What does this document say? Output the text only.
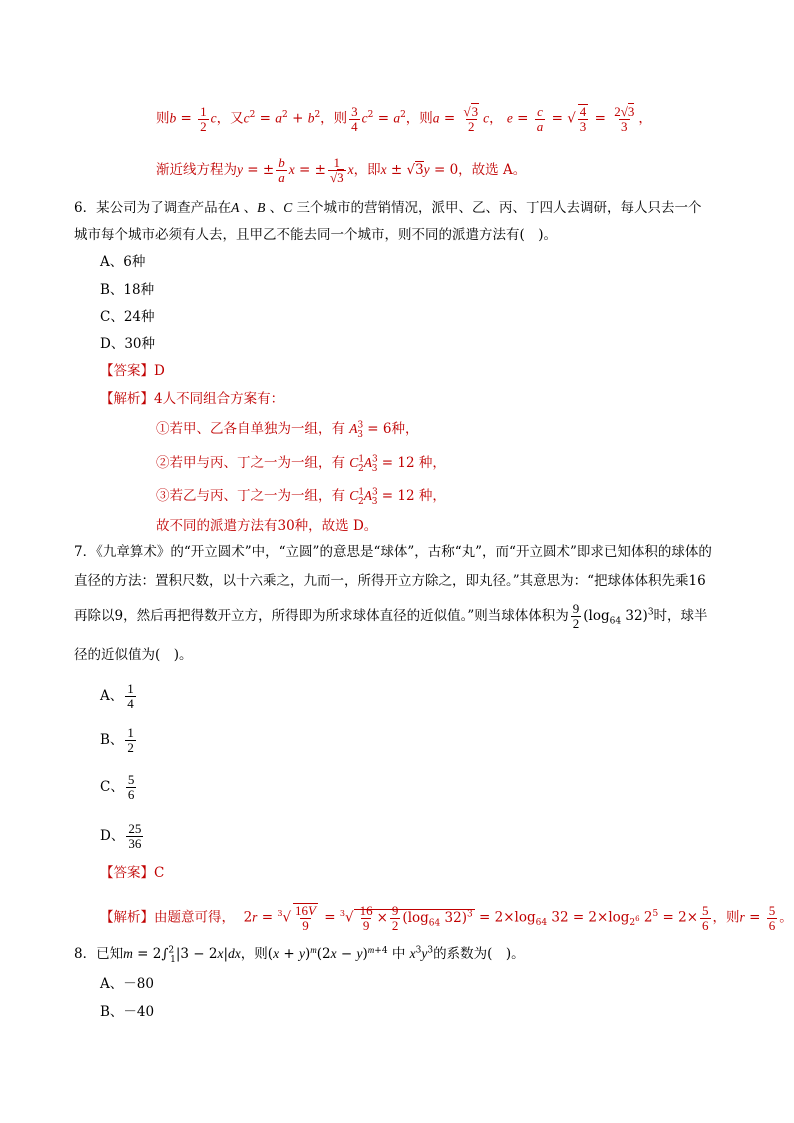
则$b = \frac{1}{2}$ c，又$c^2 = a^2 + b^2$，则 $\frac{3}{4} c^2 = a^2$，则$a = \frac{√3}{2}$ c， $e = \frac{c}{a}$ = √ $\frac{4}{3} = \frac{2√3}{3}$ ，
渐近线方程为y = ± $\frac{b}{a}$ x = ± $\frac{1}{√3}$ x，即x ± √3y = 0，故选 A。
6．某公司为了调查产品在A 、B 、C 三个城市的营销情况，派甲、乙、丙、丁四人去调研，每人只去一个
城市每个城市必须有人去，且甲乙不能去同一个城市，则不同的派遣方法有(　)。
A、6种
B、18种
C、24种
D、30种
【答案】D
【解析】4人不同组合方案有：
①若甲、乙各自单独为一组，有 $A^3_3 = 6$种，
②若甲与丙、丁之一为一组，有 $C^1_2A^3_3 = 12$ 种，
③若乙与丙、丁之一为一组，有 $C^1_2A^3_3 = 12$ 种，
故不同的派遣方法有30种，故选 D。
7．《九章算术》的“开立圆术”中，“立圆”的意思是“球体”，古称“丸”，而“开立圆术”即求已知体积的球体的
直径的方法：置积尺数，以十六乘之，九而一，所得开立方除之，即丸径。”其意思为：“把球体体积先乘16
再除以9，然后再把得数开立方，所得即为所求球体直径的近似值。”则当球体体积为 $\frac{9}{2} (\log_{64}$ 32)$^3$时，球半
径的近似值为(　)。
A、 $\frac{1}{4}$
B、 $\frac{1}{2}$
C、 $\frac{5}{6}$
D、 $\frac{25}{36}$
【答案】C
【解析】由题意可得，  $2r = ^3√ \frac{16V}{9} = ^3√ \frac{16}{9} \times \frac{9}{2} (\log_{64}$ $32)^3 = 2\times\log_{64}$ $32 = 2\times\log_{2^6}$ $2^5 = 2\times \frac{5}{6}$ ，则$r = \frac{5}{6}$ 。
8．已知m = 2∫$^2_1$|3 − 2x|dx，则$(x + y)^m(2x - y)^{m+4}$ 中 $x^3y^3$的系数为(　)。
A、－80
B、－40
